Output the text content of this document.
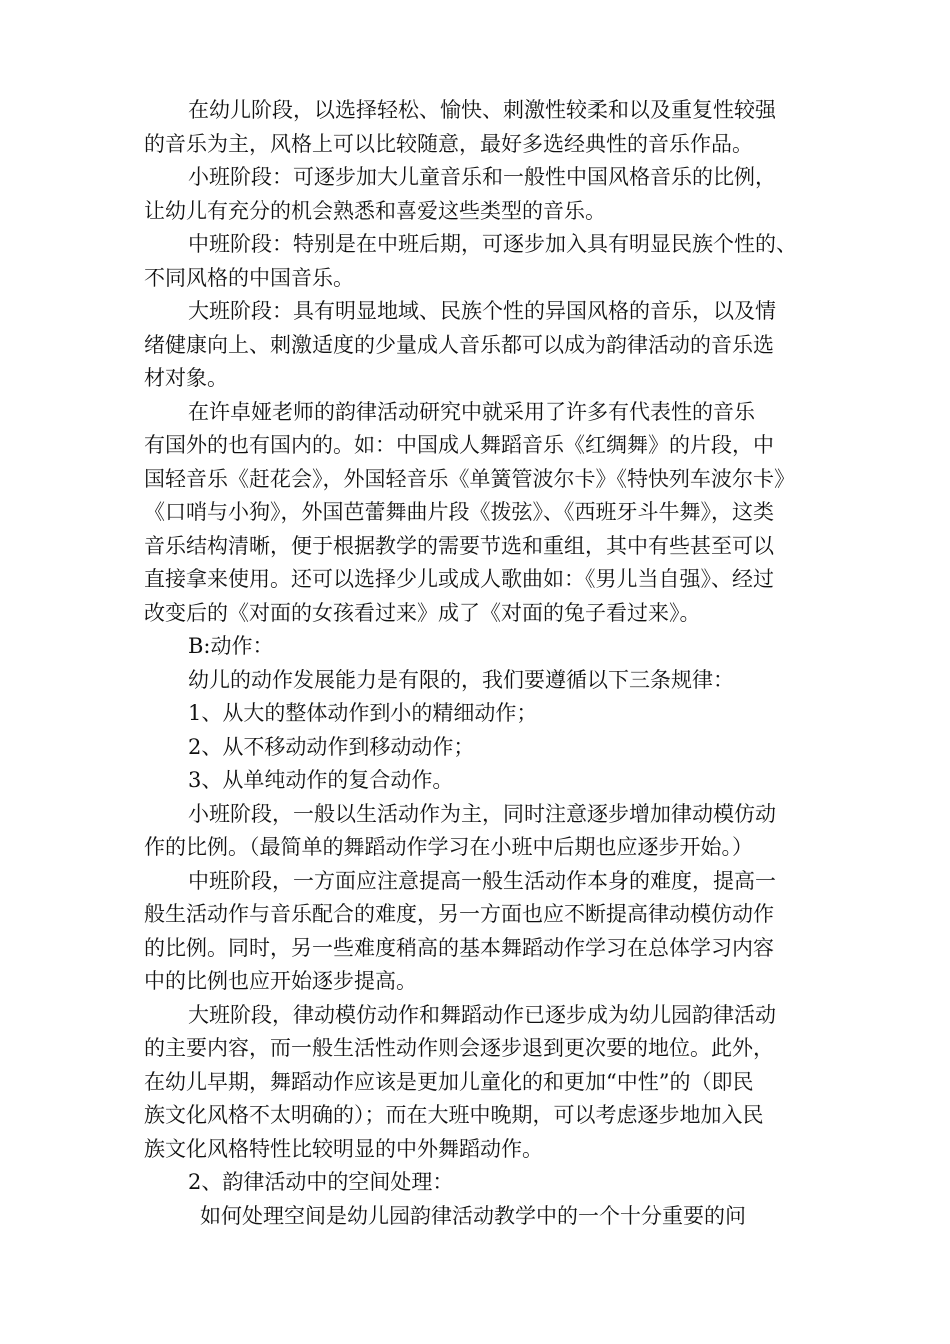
在幼儿阶段，以选择轻松、愉快、刺激性较柔和以及重复性较强
的音乐为主，风格上可以比较随意，最好多选经典性的音乐作品。
小班阶段：可逐步加大儿童音乐和一般性中国风格音乐的比例，
让幼儿有充分的机会熟悉和喜爱这些类型的音乐。
中班阶段：特别是在中班后期，可逐步加入具有明显民族个性的、
不同风格的中国音乐。
大班阶段：具有明显地域、民族个性的异国风格的音乐，以及情
绪健康向上、刺激适度的少量成人音乐都可以成为韵律活动的音乐选
材对象。
在许卓娅老师的韵律活动研究中就采用了许多有代表性的音乐
有国外的也有国内的。如：中国成人舞蹈音乐《红绸舞》的片段，中
国轻音乐《赶花会》，外国轻音乐《单簧管波尔卡》《特快列车波尔卡》
《口哨与小狗》，外国芭蕾舞曲片段《拨弦》、《西班牙斗牛舞》，这类
音乐结构清晰，便于根据教学的需要节选和重组，其中有些甚至可以
直接拿来使用。还可以选择少儿或成人歌曲如：《男儿当自强》、经过
改变后的《对面的女孩看过来》成了《对面的兔子看过来》。
B:动作：
幼儿的动作发展能力是有限的，我们要遵循以下三条规律：
1、从大的整体动作到小的精细动作；
2、从不移动动作到移动动作；
3、从单纯动作的复合动作。
小班阶段，一般以生活动作为主，同时注意逐步增加律动模仿动
作的比例。（最简单的舞蹈动作学习在小班中后期也应逐步开始。）
中班阶段，一方面应注意提高一般生活动作本身的难度，提高一
般生活动作与音乐配合的难度，另一方面也应不断提高律动模仿动作
的比例。同时，另一些难度稍高的基本舞蹈动作学习在总体学习内容
中的比例也应开始逐步提高。
大班阶段，律动模仿动作和舞蹈动作已逐步成为幼儿园韵律活动
的主要内容，而一般生活性动作则会逐步退到更次要的地位。此外，
在幼儿早期，舞蹈动作应该是更加儿童化的和更加“中性”的（即民
族文化风格不太明确的）；而在大班中晚期，可以考虑逐步地加入民
族文化风格特性比较明显的中外舞蹈动作。
2、韵律活动中的空间处理：
如何处理空间是幼儿园韵律活动教学中的一个十分重要的问
